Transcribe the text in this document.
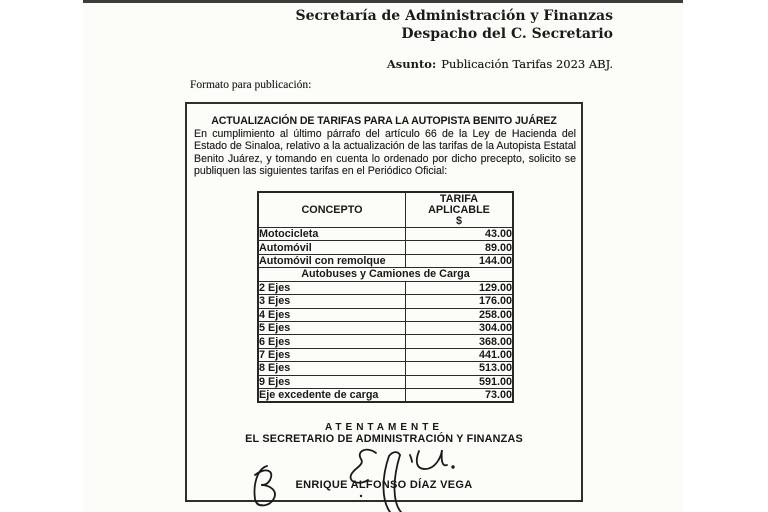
Secretaría de Administración y Finanzas
Despacho del C. Secretario
Asunto: Publicación Tarifas 2023 ABJ.
Formato para publicación:
ACTUALIZACIÓN DE TARIFAS PARA LA AUTOPISTA BENITO JUÁREZ

En cumplimiento al último párrafo del artículo 66 de la Ley de Hacienda del Estado de Sinaloa, relativo a la actualización de las tarifas de la Autopista Estatal Benito Juárez, y tomando en cuenta lo ordenado por dicho precepto, solicito se publiquen las siguientes tarifas en el Periódico Oficial:

CONCEPTO	TARIFA
APLICABLE
$

Motocicleta	43.00
Automóvil	89.00
Automóvil con remolque	144.00
Autobuses y Camiones de Carga	
2 Ejes	129.00
3 Ejes	176.00
4 Ejes	258.00
5 Ejes	304.00
6 Ejes	368.00
7 Ejes	441.00
8 Ejes	513.00
9 Ejes	591.00
Eje excedente de carga	73.00
ATENTAMENTE
EL SECRETARIO DE ADMINISTRACIÓN Y FINANZAS
ENRIQUE ALFONSO DÍAZ VEGA
